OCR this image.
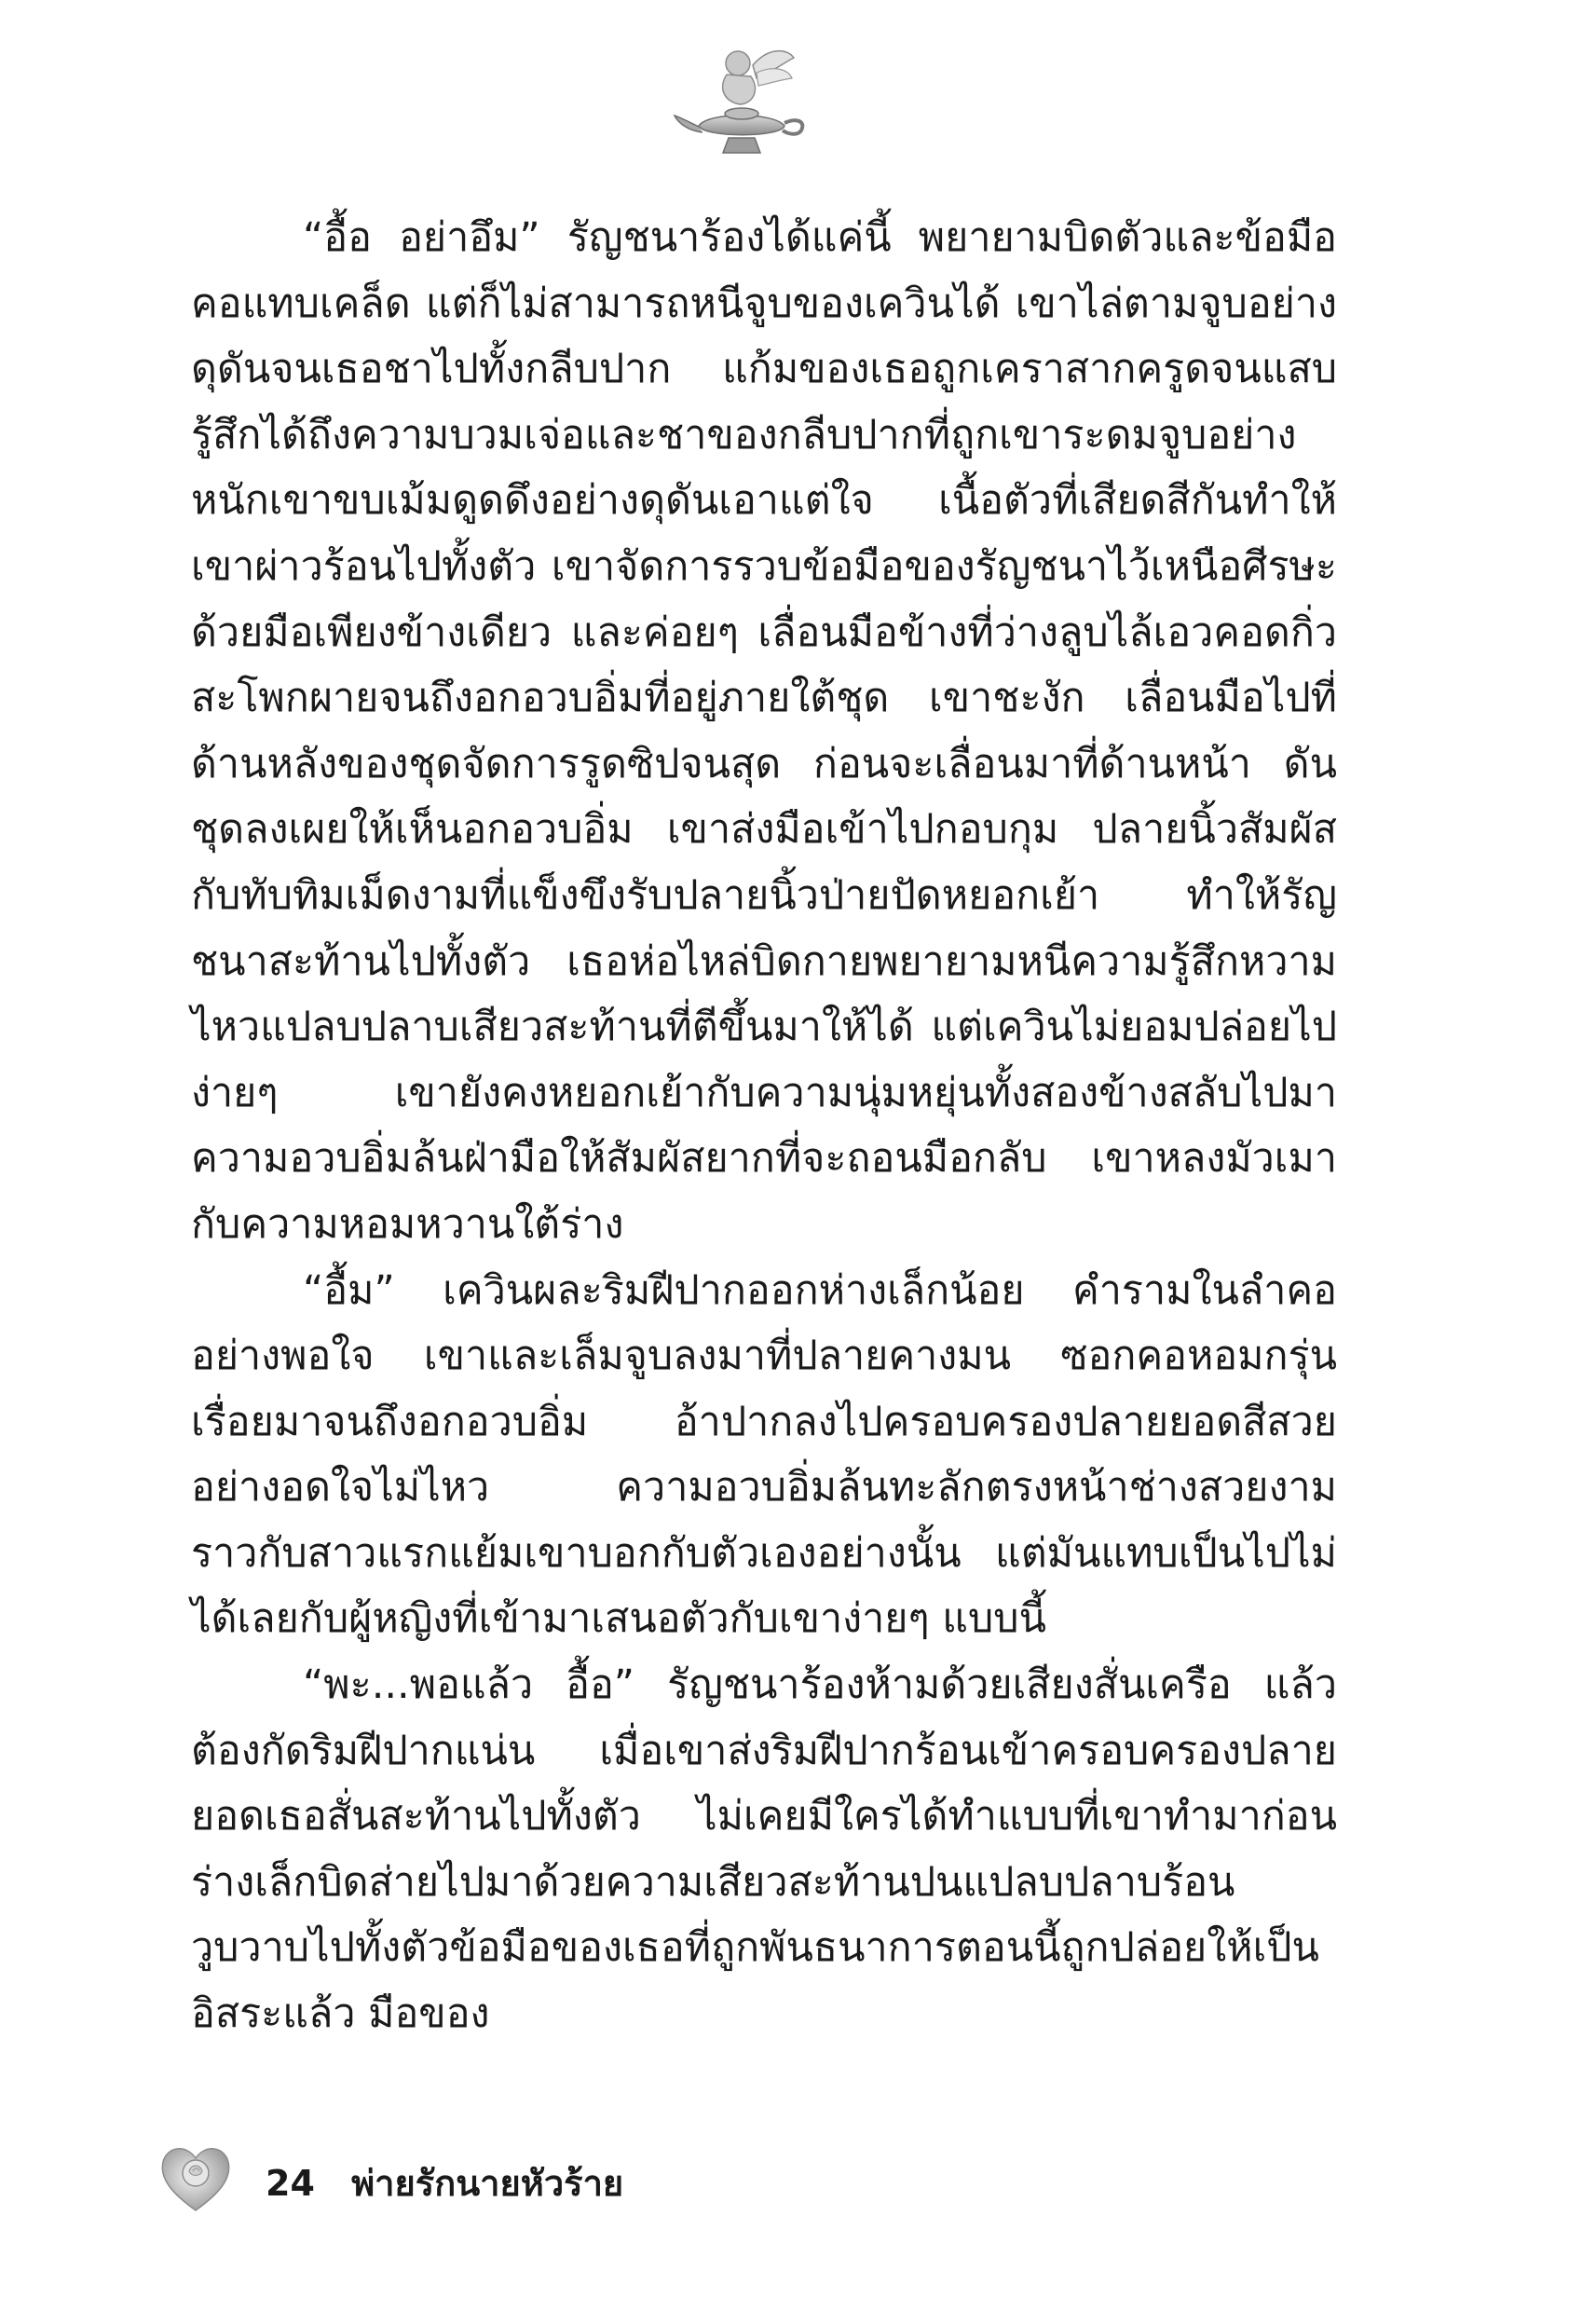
“อื้อ อย่าอึม” รัญชนาร้องได้แค่นี้ พยายามบิดตัวและข้อมือคอแทบเคล็ด แต่ก็ไม่สามารถหนีจูบของเควินได้ เขาไล่ตามจูบอย่างดุดันจนเธอชาไปทั้งกลีบปาก แก้มของเธอถูกเคราสากครูดจนแสบรู้สึกได้ถึงความบวมเจ่อและชาของกลีบปากที่ถูกเขาระดมจูบอย่างหนักเขาขบเม้มดูดดึงอย่างดุดันเอาแต่ใจ เนื้อตัวที่เสียดสีกันทำให้เขาผ่าวร้อนไปทั้งตัว เขาจัดการรวบข้อมือของรัญชนาไว้เหนือศีรษะด้วยมือเพียงข้างเดียว และค่อยๆ เลื่อนมือข้างที่ว่างลูบไล้เอวคอดกิ่ว สะโพกผายจนถึงอกอวบอิ่มที่อยู่ภายใต้ชุด เขาชะงัก เลื่อนมือไปที่ด้านหลังของชุดจัดการรูดซิปจนสุด ก่อนจะเลื่อนมาที่ด้านหน้า ดันชุดลงเผยให้เห็นอกอวบอิ่ม เขาส่งมือเข้าไปกอบกุม ปลายนิ้วสัมผัสกับทับทิมเม็ดงามที่แข็งขึงรับปลายนิ้วป่ายปัดหยอกเย้า ทำให้รัญชนาสะท้านไปทั้งตัว เธอห่อไหล่บิดกายพยายามหนีความรู้สึกหวามไหวแปลบปลาบเสียวสะท้านที่ตีขึ้นมาให้ได้ แต่เควินไม่ยอมปล่อยไปง่ายๆ เขายังคงหยอกเย้ากับความนุ่มหยุ่นทั้งสองข้างสลับไปมา ความอวบอิ่มล้นฝ่ามือให้สัมผัสยากที่จะถอนมือกลับ เขาหลงมัวเมากับความหอมหวานใต้ร่าง

“อื้ม” เควินผละริมฝีปากออกห่างเล็กน้อย คำรามในลำคออย่างพอใจ เขาและเล็มจูบลงมาที่ปลายคางมน ซอกคอหอมกรุ่น เรื่อยมาจนถึงอกอวบอิ่ม อ้าปากลงไปครอบครองปลายยอดสีสวยอย่างอดใจไม่ไหว ความอวบอิ่มล้นทะลักตรงหน้าช่างสวยงามราวกับสาวแรกแย้มเขาบอกกับตัวเองอย่างนั้น แต่มันแทบเป็นไปไม่ได้เลยกับผู้หญิงที่เข้ามาเสนอตัวกับเขาง่ายๆ แบบนี้

“พะ...พอแล้ว อื้อ” รัญชนาร้องห้ามด้วยเสียงสั่นเครือ แล้วต้องกัดริมฝีปากแน่น เมื่อเขาส่งริมฝีปากร้อนเข้าครอบครองปลายยอดเธอสั่นสะท้านไปทั้งตัว ไม่เคยมีใครได้ทำแบบที่เขาทำมาก่อน ร่างเล็กบิดส่ายไปมาด้วยความเสียวสะท้านปนแปลบปลาบร้อนวูบวาบไปทั้งตัวข้อมือของเธอที่ถูกพันธนาการตอนนี้ถูกปล่อยให้เป็นอิสระแล้ว มือของ

24 พ่ายรักนายหัวร้าย
